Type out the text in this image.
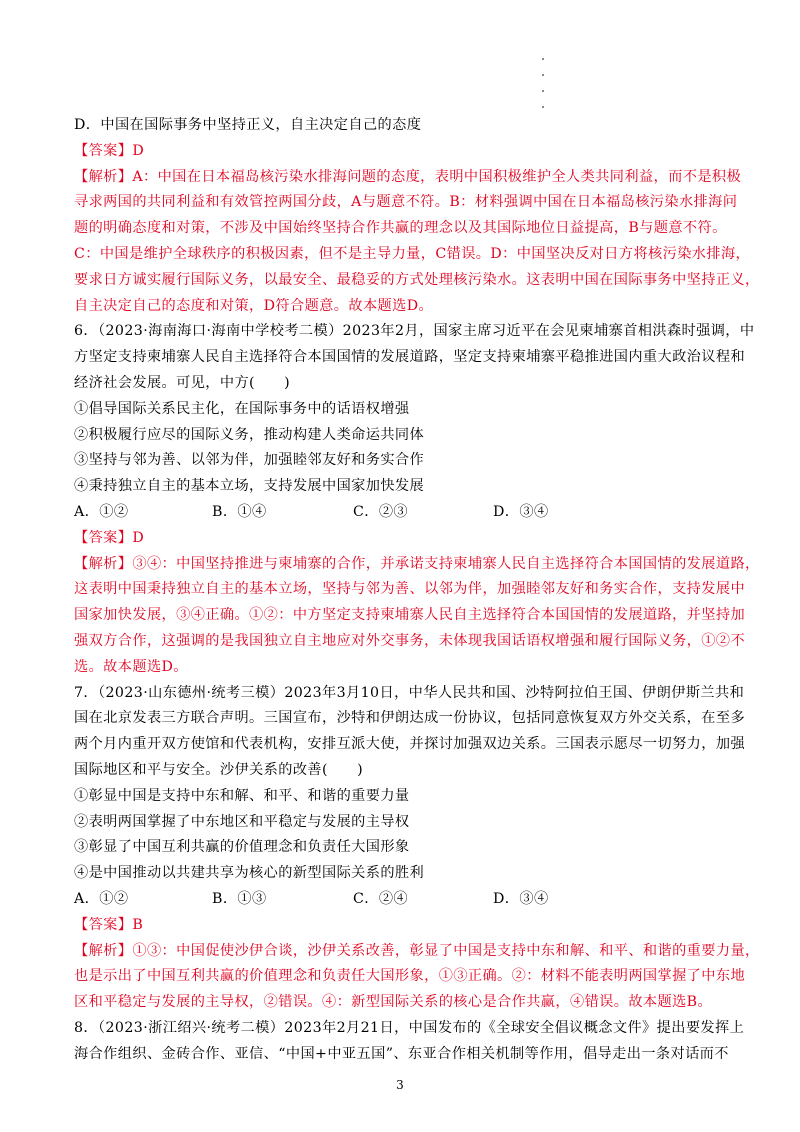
D．中国在国际事务中坚持正义，自主决定自己的态度
【答案】D
【解析】A：中国在日本福岛核污染水排海问题的态度，表明中国积极维护全人类共同利益，而不是积极
寻求两国的共同利益和有效管控两国分歧，A与题意不符。B：材料强调中国在日本福岛核污染水排海问
题的明确态度和对策，不涉及中国始终坚持合作共赢的理念以及其国际地位日益提高，B与题意不符。
C：中国是维护全球秩序的积极因素，但不是主导力量，C错误。D：中国坚决反对日方将核污染水排海，
要求日方诚实履行国际义务，以最安全、最稳妥的方式处理核污染水。这表明中国在国际事务中坚持正义，
自主决定自己的态度和对策，D符合题意。故本题选D。
6．（2023·海南海口·海南中学校考二模）2023年2月，国家主席习近平在会见柬埔寨首相洪森时强调，中
方坚定支持柬埔寨人民自主选择符合本国国情的发展道路，坚定支持柬埔寨平稳推进国内重大政治议程和
经济社会发展。可见，中方(　　)
①倡导国际关系民主化，在国际事务中的话语权增强
②积极履行应尽的国际义务，推动构建人类命运共同体
③坚持与邻为善、以邻为伴，加强睦邻友好和务实合作
④秉持独立自主的基本立场，支持发展中国家加快发展
A．①②	B．①④	C．②③	D．③④
【答案】D
【解析】③④：中国坚持推进与柬埔寨的合作，并承诺支持柬埔寨人民自主选择符合本国国情的发展道路，
这表明中国秉持独立自主的基本立场，坚持与邻为善、以邻为伴，加强睦邻友好和务实合作，支持发展中
国家加快发展，③④正确。①②：中方坚定支持柬埔寨人民自主选择符合本国国情的发展道路，并坚持加
强双方合作，这强调的是我国独立自主地应对外交事务，未体现我国话语权增强和履行国际义务，①②不
选。故本题选D。
7．（2023·山东德州·统考三模）2023年3月10日，中华人民共和国、沙特阿拉伯王国、伊朗伊斯兰共和
国在北京发表三方联合声明。三国宣布，沙特和伊朗达成一份协议，包括同意恢复双方外交关系，在至多
两个月内重开双方使馆和代表机构，安排互派大使，并探讨加强双边关系。三国表示愿尽一切努力，加强
国际地区和平与安全。沙伊关系的改善(　　)
①彰显中国是支持中东和解、和平、和谐的重要力量
②表明两国掌握了中东地区和平稳定与发展的主导权
③彰显了中国互利共赢的价值理念和负责任大国形象
④是中国推动以共建共享为核心的新型国际关系的胜利
A．①②	B．①③	C．②④	D．③④
【答案】B
【解析】①③：中国促使沙伊合谈，沙伊关系改善，彰显了中国是支持中东和解、和平、和谐的重要力量，
也是示出了中国互利共赢的价值理念和负责任大国形象，①③正确。②：材料不能表明两国掌握了中东地
区和平稳定与发展的主导权，②错误。④：新型国际关系的核心是合作共赢，④错误。故本题选B。
8．（2023·浙江绍兴·统考二模）2023年2月21日，中国发布的《全球安全倡议概念文件》提出要发挥上
海合作组织、金砖合作、亚信、“中国+中亚五国”、东亚合作相关机制等作用，倡导走出一条对话而不
3
